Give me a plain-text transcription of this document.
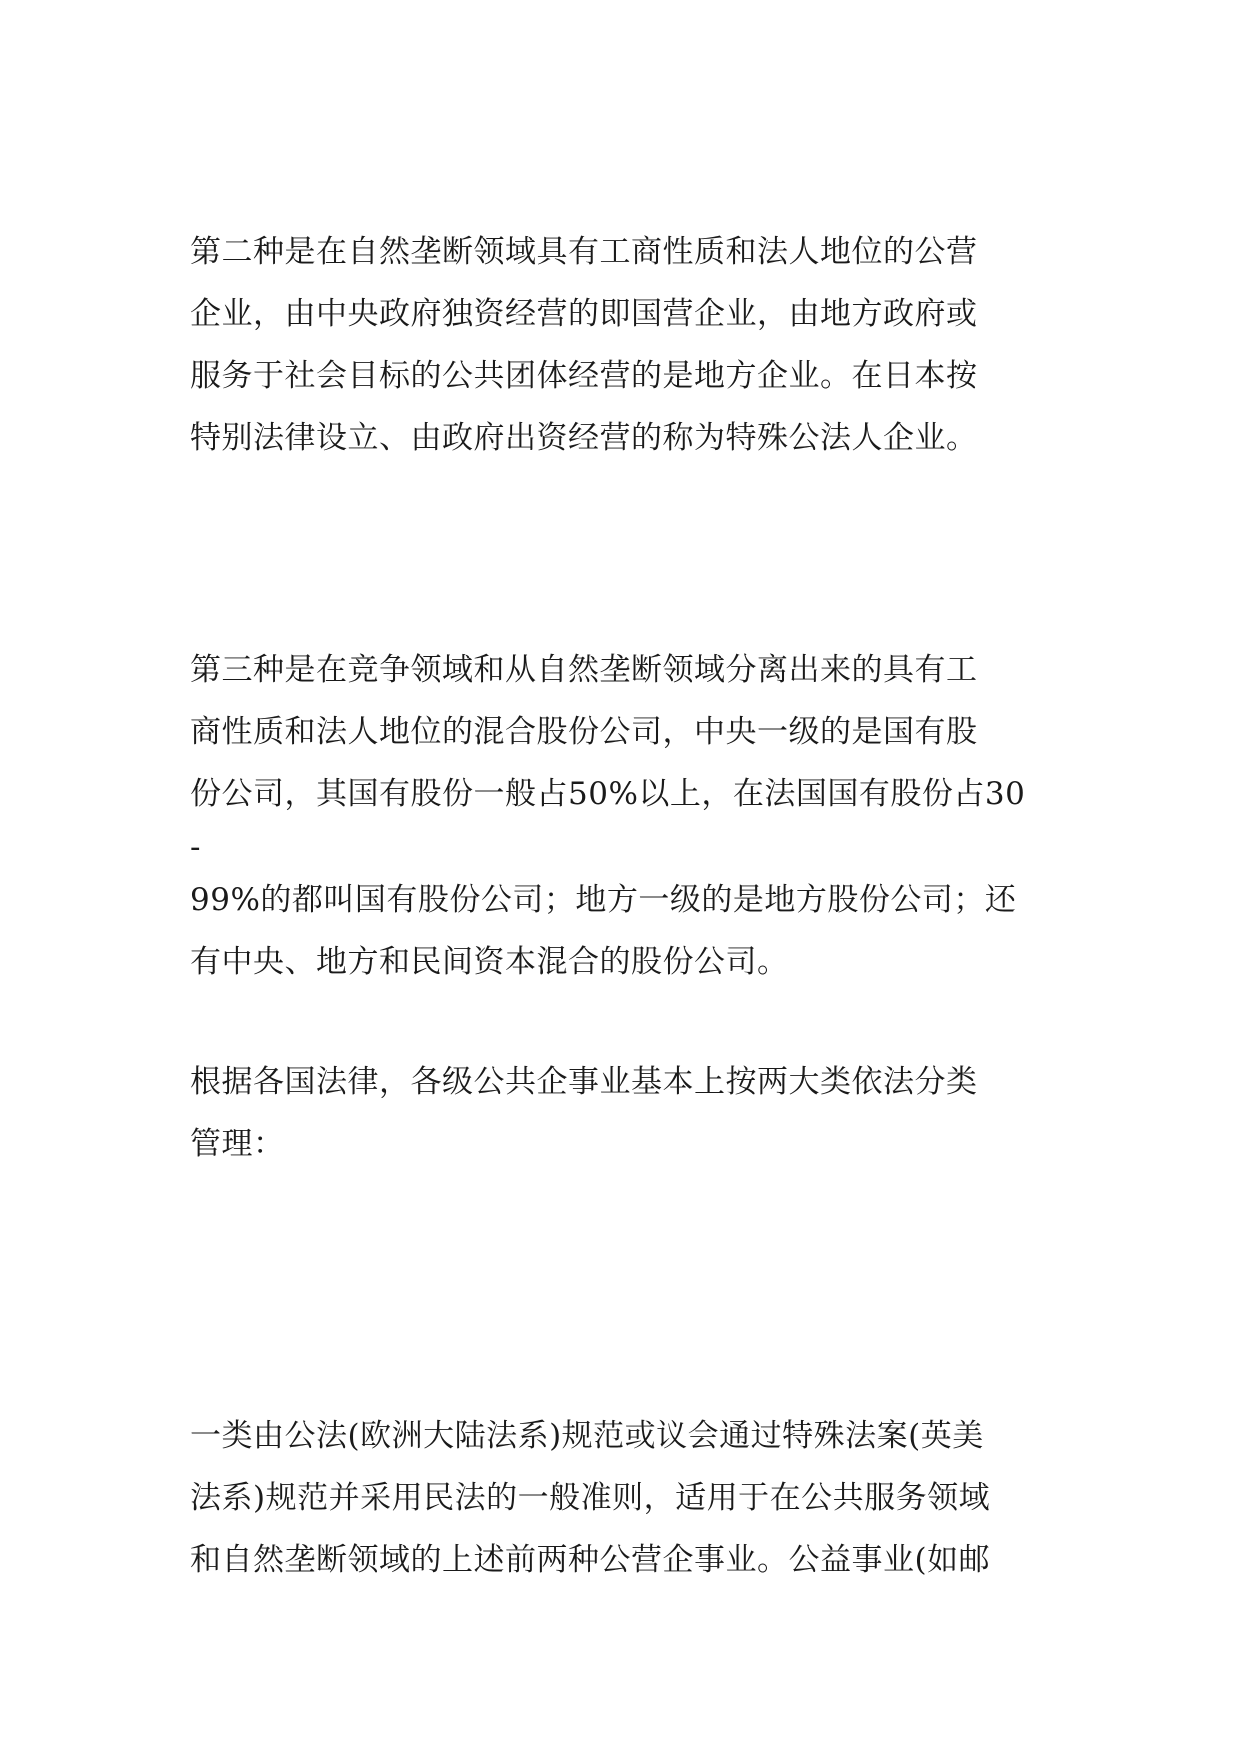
第二种是在自然垄断领域具有工商性质和法人地位的公营
企业，由中央政府独资经营的即国营企业，由地方政府或
服务于社会目标的公共团体经营的是地方企业。在日本按
特别法律设立、由政府出资经营的称为特殊公法人企业。

第三种是在竞争领域和从自然垄断领域分离出来的具有工
商性质和法人地位的混合股份公司，中央一级的是国有股
份公司，其国有股份一般占50%以上，在法国国有股份占30
-
99%的都叫国有股份公司；地方一级的是地方股份公司；还
有中央、地方和民间资本混合的股份公司。

根据各国法律，各级公共企事业基本上按两大类依法分类
管理：

一类由公法(欧洲大陆法系)规范或议会通过特殊法案(英美
法系)规范并采用民法的一般准则，适用于在公共服务领域
和自然垄断领域的上述前两种公营企事业。公益事业(如邮
